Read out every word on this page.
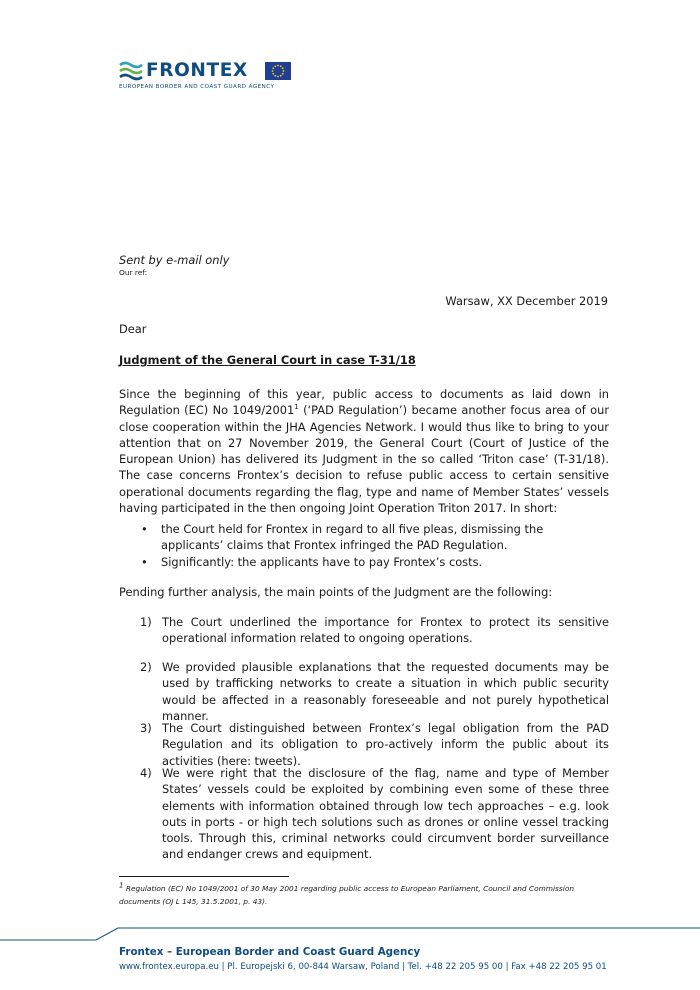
FRONTEX
EUROPEAN BORDER AND COAST GUARD AGENCY
Sent by e-mail only
Our ref:
Warsaw, XX December 2019
Dear
Judgment of the General Court in case T-31/18
Since the beginning of this year, public access to documents as laid down in Regulation (EC) No 1049/2001$^1$ (‘PAD Regulation’) became another focus area of our close cooperation within the JHA Agencies Network. I would thus like to bring to your attention that on 27 November 2019, the General Court (Court of Justice of the European Union) has delivered its Judgment in the so called ‘Triton case’ (T-31/18). The case concerns Frontex’s decision to refuse public access to certain sensitive operational documents regarding the flag, type and name of Member States’ vessels having participated in the then ongoing Joint Operation Triton 2017. In short:
• the Court held for Frontex in regard to all five pleas, dismissing the applicants’ claims that Frontex infringed the PAD Regulation.
• Significantly: the applicants have to pay Frontex’s costs.
Pending further analysis, the main points of the Judgment are the following:
1) The Court underlined the importance for Frontex to protect its sensitive operational information related to ongoing operations.
2) We provided plausible explanations that the requested documents may be used by trafficking networks to create a situation in which public security would be affected in a reasonably foreseeable and not purely hypothetical manner.
3) The Court distinguished between Frontex’s legal obligation from the PAD Regulation and its obligation to pro-actively inform the public about its activities (here: tweets).
4) We were right that the disclosure of the flag, name and type of Member States’ vessels could be exploited by combining even some of these three elements with information obtained through low tech approaches – e.g. look outs in ports - or high tech solutions such as drones or online vessel tracking tools. Through this, criminal networks could circumvent border surveillance and endanger crews and equipment.
$^1$ Regulation (EC) No 1049/2001 of 30 May 2001 regarding public access to European Parliament, Council and Commission documents (OJ L 145, 31.5.2001, p. 43).
Frontex – European Border and Coast Guard Agency
www.frontex.europa.eu | Pl. Europejski 6, 00-844 Warsaw, Poland | Tel. +48 22 205 95 00 | Fax +48 22 205 95 01
